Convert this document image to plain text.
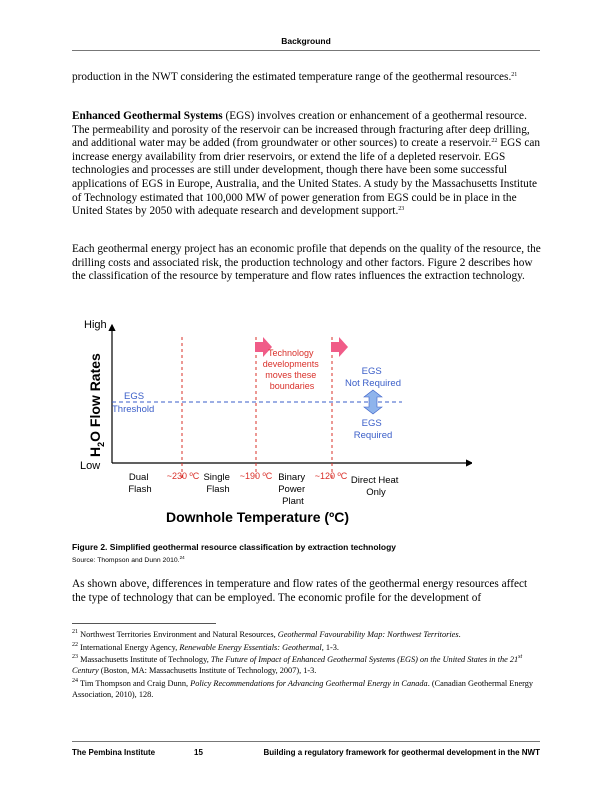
Background

production in the NWT considering the estimated temperature range of the geothermal resources.$^{21}$

Enhanced Geothermal Systems (EGS) involves creation or enhancement of a geothermal resource. The permeability and porosity of the reservoir can be increased through fracturing after deep drilling, and additional water may be added (from groundwater or other sources) to create a reservoir.$^{22}$ EGS can increase energy availability from drier reservoirs, or extend the life of a depleted reservoir. EGS technologies and processes are still under development, though there have been some successful applications of EGS in Europe, Australia, and the United States. A study by the Massachusetts Institute of Technology estimated that 100,000 MW of power generation from EGS could be in place in the United States by 2050 with adequate research and development support.$^{23}$

Each geothermal energy project has an economic profile that depends on the quality of the resource, the drilling costs and associated risk, the production technology and other factors. Figure 2 describes how the classification of the resource by temperature and flow rates influences the extraction technology.

High
Low
$H_2O$ Flow Rates
Downhole Temperature (ºC)
EGS Threshold
Technology developments moves these boundaries
EGS Not Required
EGS Required
~230 ºC	~190 ºC	~120 ºC
Dual Flash
Single Flash
Binary Power Plant
Direct Heat Only
Figure 2. Simplified geothermal resource classification by extraction technology
Source: Thompson and Dunn 2010.24

As shown above, differences in temperature and flow rates of the geothermal energy resources affect the type of technology that can be employed. The economic profile for the development of

$^{21}$ Northwest Territories Environment and Natural Resources, Geothermal Favourability Map: Northwest Territories.

$^{22}$ International Energy Agency, Renewable Energy Essentials: Geothermal, 1-3.

$^{23}$ Massachusetts Institute of Technology, The Future of Impact of Enhanced Geothermal Systems (EGS) on the United States in the 21st Century (Boston, MA: Massachusetts Institute of Technology, 2007), 1-3.

$^{24}$ Tim Thompson and Craig Dunn, Policy Recommendations for Advancing Geothermal Energy in Canada. (Canadian Geothermal Energy Association, 2010), 128.

The Pembina Institute	15	Building a regulatory framework for geothermal development in the NWT
